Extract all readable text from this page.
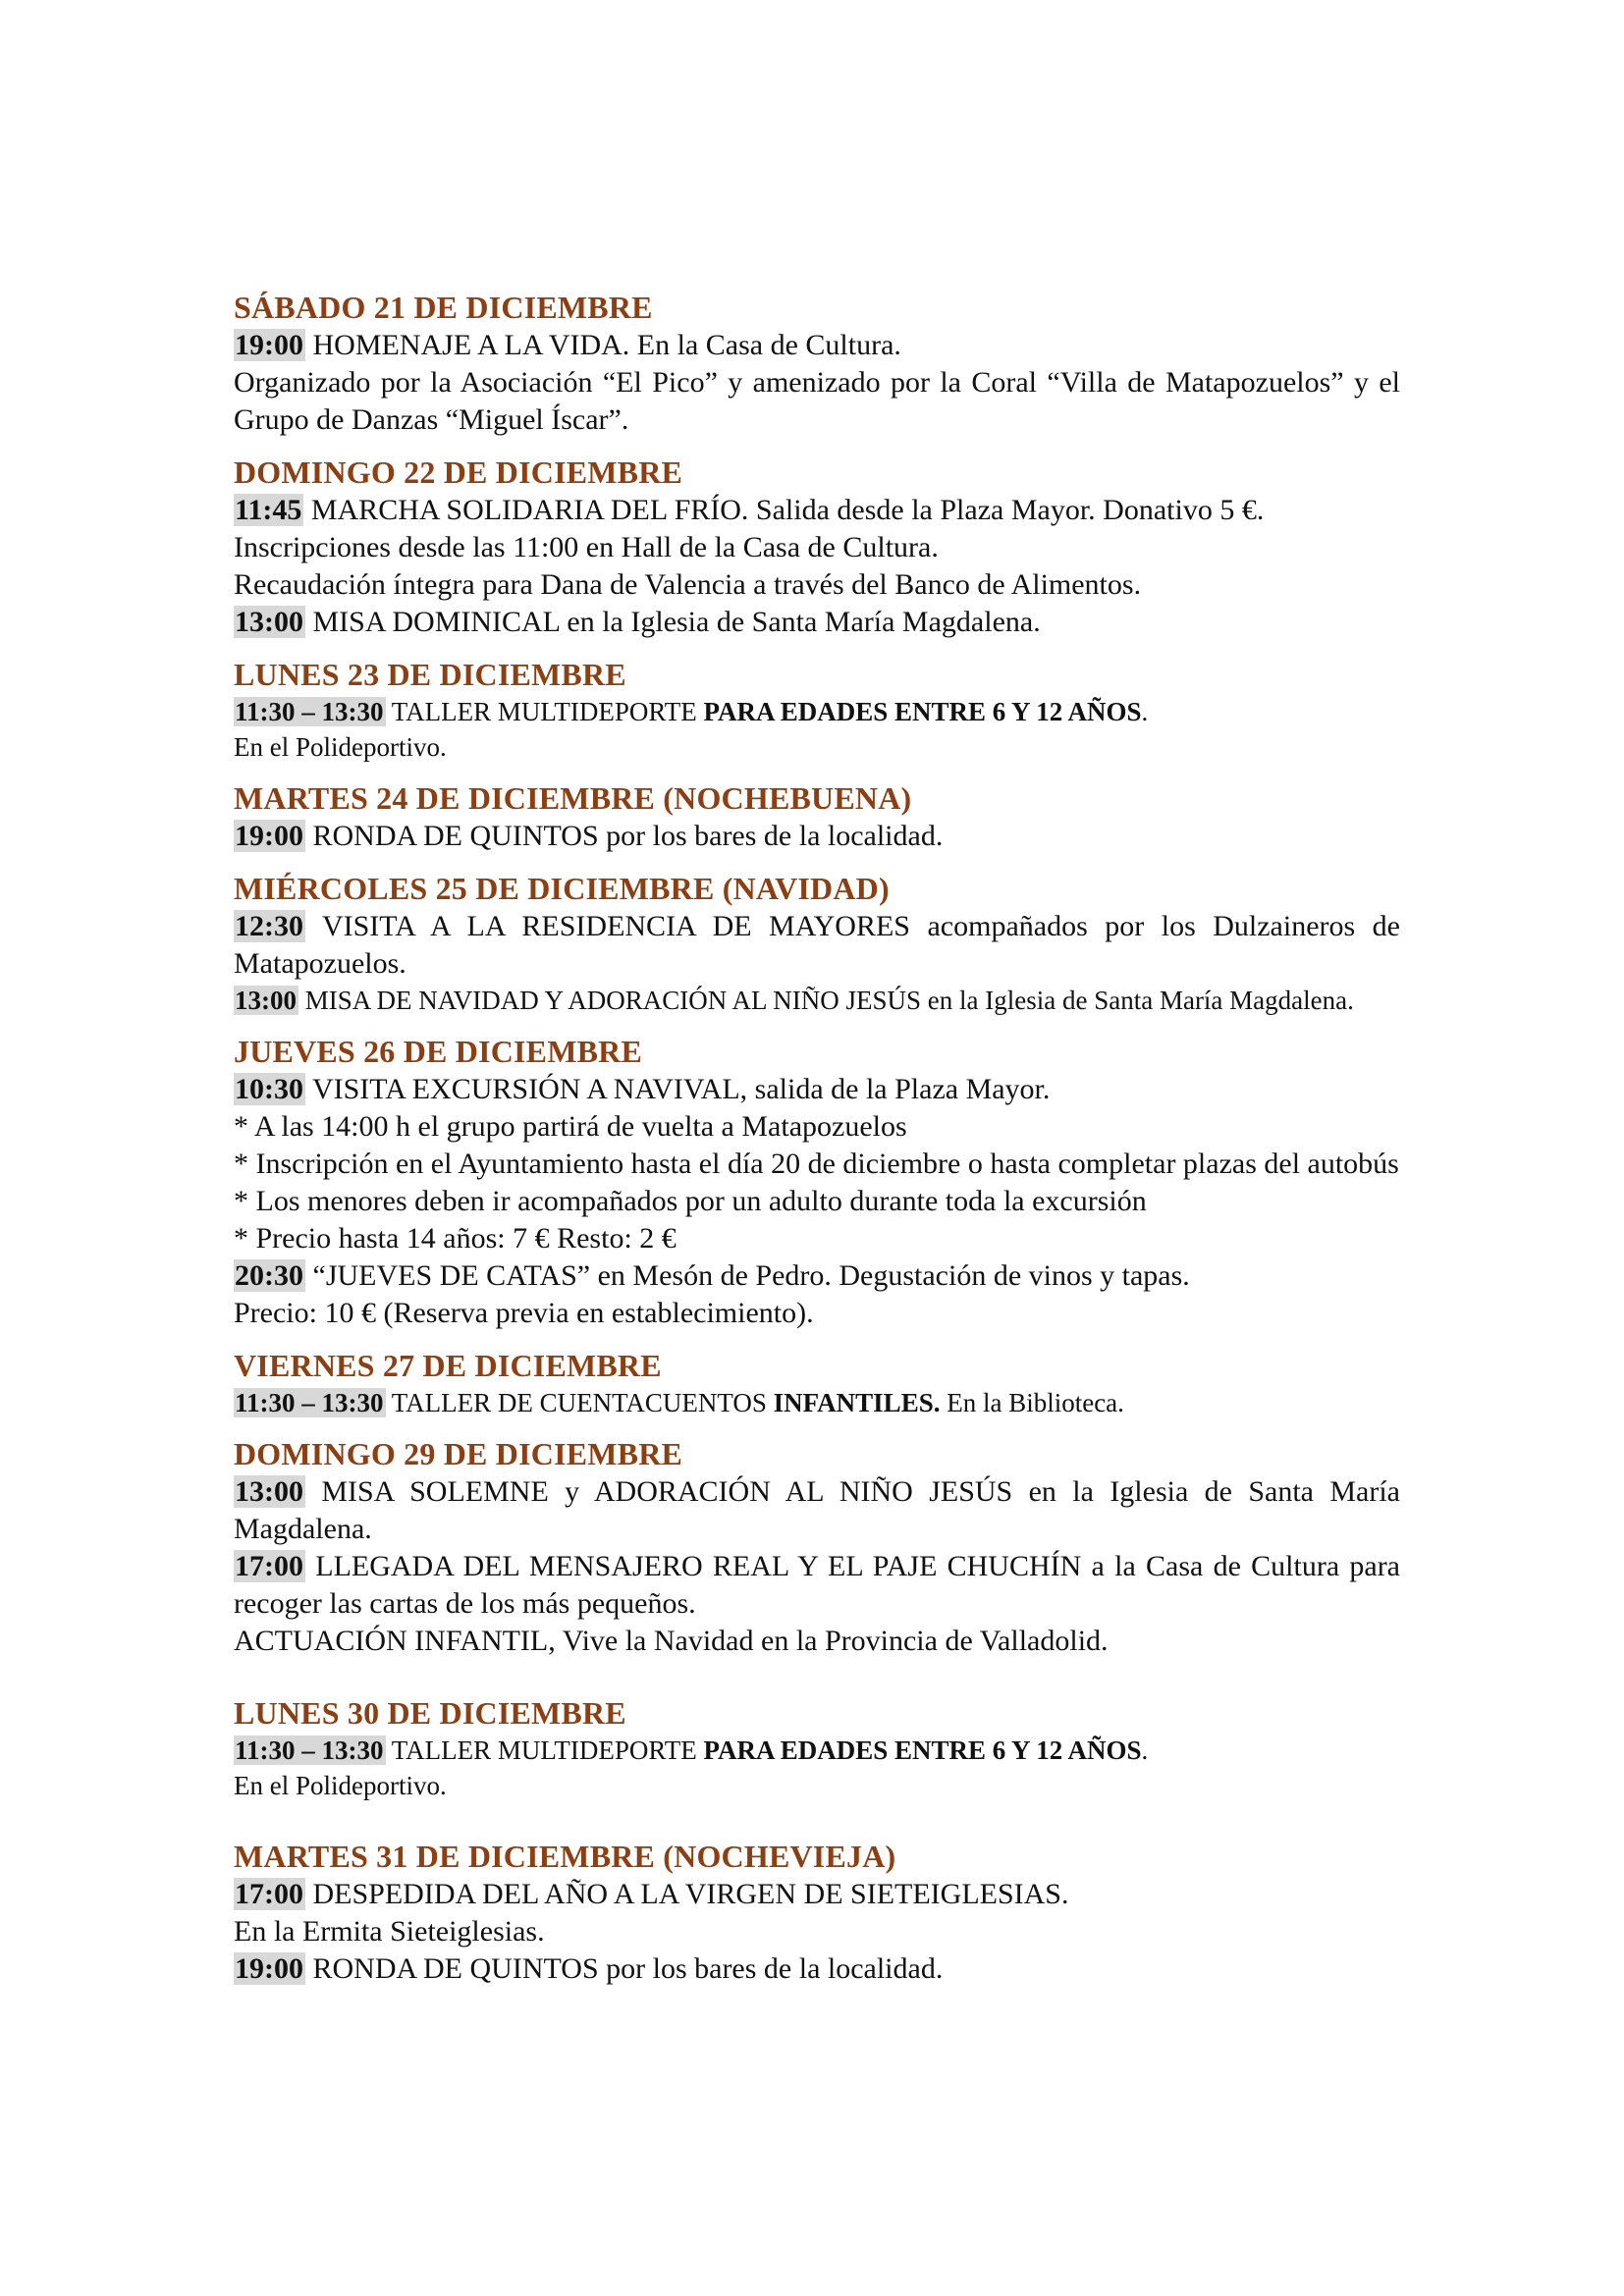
SÁBADO 21 DE DICIEMBRE
19:00 HOMENAJE A LA VIDA. En la Casa de Cultura.
Organizado por la Asociación “El Pico” y amenizado por la Coral “Villa de Matapozuelos” y el Grupo de Danzas “Miguel Íscar”.
DOMINGO 22 DE DICIEMBRE
11:45 MARCHA SOLIDARIA DEL FRÍO. Salida desde la Plaza Mayor. Donativo 5 €.
Inscripciones desde las 11:00 en Hall de la Casa de Cultura.
Recaudación íntegra para Dana de Valencia a través del Banco de Alimentos.
13:00 MISA DOMINICAL en la Iglesia de Santa María Magdalena.
LUNES 23 DE DICIEMBRE
11:30 – 13:30 TALLER MULTIDEPORTE PARA EDADES ENTRE 6 Y 12 AÑOS.
En el Polideportivo.
MARTES 24 DE DICIEMBRE (NOCHEBUENA)
19:00 RONDA DE QUINTOS por los bares de la localidad.
MIÉRCOLES 25 DE DICIEMBRE (NAVIDAD)
12:30 VISITA A LA RESIDENCIA DE MAYORES acompañados por los Dulzaineros de Matapozuelos.
13:00 MISA DE NAVIDAD Y ADORACIÓN AL NIÑO JESÚS en la Iglesia de Santa María Magdalena.
JUEVES 26 DE DICIEMBRE
10:30 VISITA EXCURSIÓN A NAVIVAL, salida de la Plaza Mayor.
* A las 14:00 h el grupo partirá de vuelta a Matapozuelos
* Inscripción en el Ayuntamiento hasta el día 20 de diciembre o hasta completar plazas del autobús
* Los menores deben ir acompañados por un adulto durante toda la excursión
* Precio hasta 14 años: 7 € Resto: 2 €
20:30 “JUEVES DE CATAS” en Mesón de Pedro. Degustación de vinos y tapas.
Precio: 10 € (Reserva previa en establecimiento).
VIERNES 27 DE DICIEMBRE
11:30 – 13:30 TALLER DE CUENTACUENTOS INFANTILES. En la Biblioteca.
DOMINGO 29 DE DICIEMBRE
13:00 MISA SOLEMNE y ADORACIÓN AL NIÑO JESÚS en la Iglesia de Santa María Magdalena.
17:00 LLEGADA DEL MENSAJERO REAL Y EL PAJE CHUCHÍN a la Casa de Cultura para recoger las cartas de los más pequeños.
ACTUACIÓN INFANTIL, Vive la Navidad en la Provincia de Valladolid.
LUNES 30 DE DICIEMBRE
11:30 – 13:30 TALLER MULTIDEPORTE PARA EDADES ENTRE 6 Y 12 AÑOS.
En el Polideportivo.
MARTES 31 DE DICIEMBRE (NOCHEVIEJA)
17:00 DESPEDIDA DEL AÑO A LA VIRGEN DE SIETEIGLESIAS.
En la Ermita Sieteiglesias.
19:00 RONDA DE QUINTOS por los bares de la localidad.
